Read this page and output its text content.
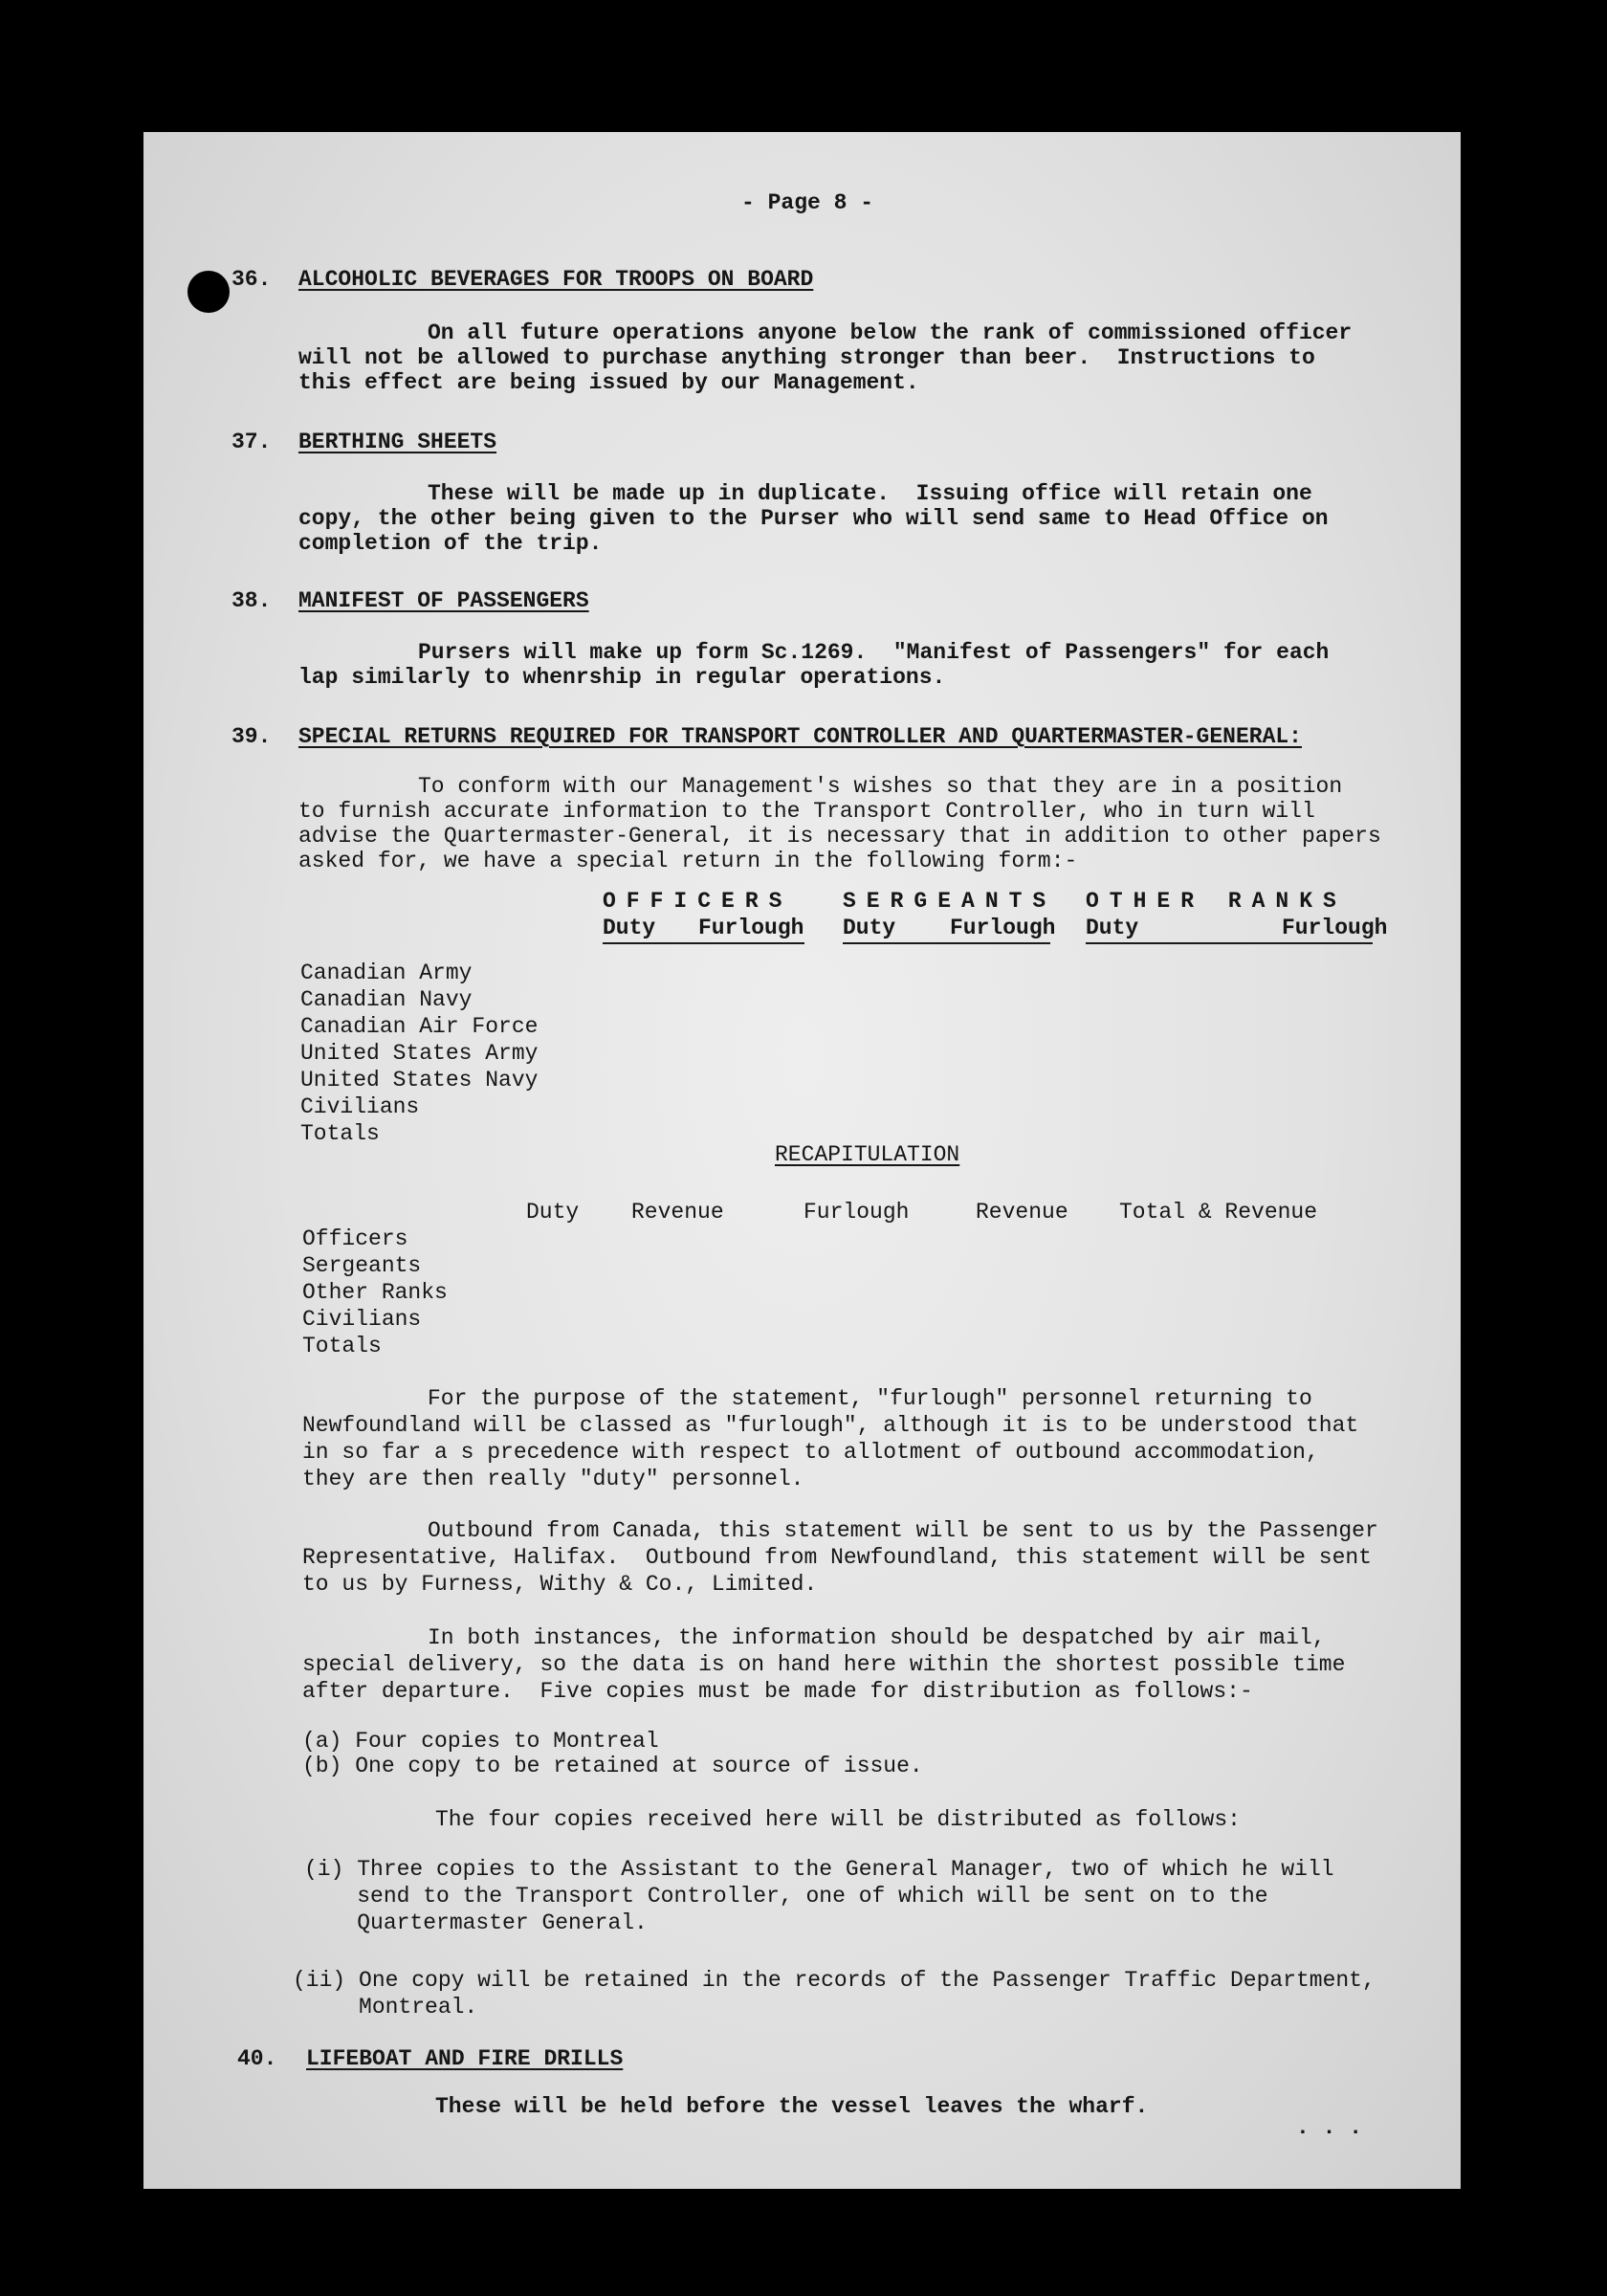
- Page 8 -
36. ALCOHOLIC BEVERAGES FOR TROOPS ON BOARD
On all future operations anyone below the rank of commissioned officer
will not be allowed to purchase anything stronger than beer.  Instructions to
this effect are being issued by our Management.
37. BERTHING SHEETS
These will be made up in duplicate.  Issuing office will retain one
copy, the other being given to the Purser who will send same to Head Office on
completion of the trip.
38. MANIFEST OF PASSENGERS
Pursers will make up form Sc.1269.  "Manifest of Passengers" for each
lap similarly to whenrship in regular operations.
39. SPECIAL RETURNS REQUIRED FOR TRANSPORT CONTROLLER AND QUARTERMASTER-GENERAL:
To conform with our Management's wishes so that they are in a position
to furnish accurate information to the Transport Controller, who in turn will
advise the Quartermaster-General, it is necessary that in addition to other papers
asked for, we have a special return in the following form:-
OFFICERS SERGEANTS OTHER RANKS
Duty Furlough Duty Furlough Duty	Furlough
Canadian Army
Canadian Navy
Canadian Air Force
United States Army
United States Navy
Civilians
Totals
RECAPITULATION
Duty Revenue	Furlough	Revenue Total & Revenue
Officers
Sergeants
Other Ranks
Civilians
Totals
For the purpose of the statement, "furlough" personnel returning to
Newfoundland will be classed as "furlough", although it is to be understood that
in so far a s precedence with respect to allotment of outbound accommodation,
they are then really "duty" personnel.
Outbound from Canada, this statement will be sent to us by the Passenger
Representative, Halifax.  Outbound from Newfoundland, this statement will be sent
to us by Furness, Withy & Co., Limited.
In both instances, the information should be despatched by air mail,
special delivery, so the data is on hand here within the shortest possible time
after departure.  Five copies must be made for distribution as follows:-
(a) Four copies to Montreal
(b) One copy to be retained at source of issue.
The four copies received here will be distributed as follows:
(i) Three copies to the Assistant to the General Manager, two of which he will
send to the Transport Controller, one of which will be sent on to the
Quartermaster General.
(ii) One copy will be retained in the records of the Passenger Traffic Department,
Montreal.
40. LIFEBOAT AND FIRE DRILLS
These will be held before the vessel leaves the wharf.
. . .
